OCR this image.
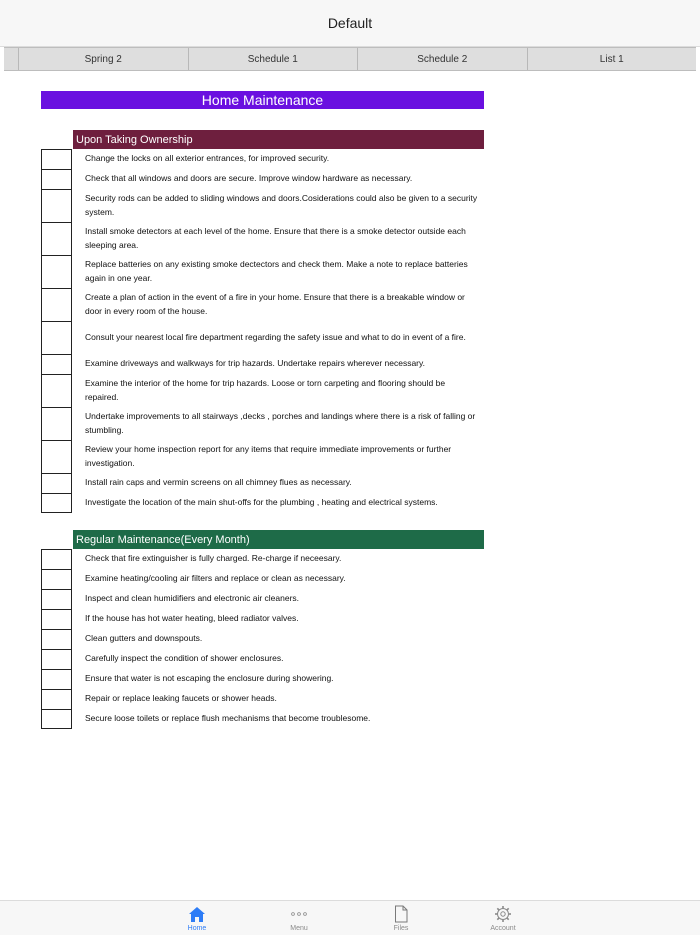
Default
Spring 2	Schedule 1	Schedule 2	List 1
Home Maintenance
Upon Taking Ownership
Change the locks on all exterior entrances, for improved security.
Check that all windows and doors are secure. Improve window hardware as necessary.
Security rods can be added to sliding windows and doors.Cosiderations could also be given to a security system.
Install smoke detectors at each level of the home. Ensure that there is a smoke detector outside each sleeping area.
Replace batteries on any existing smoke dectectors and check them. Make a note to replace batteries again in one year.
Create a plan of action in the event of a fire in your home. Ensure that there is a breakable window or door in every room of the house.
Consult your nearest local fire department regarding the safety issue and what to do in event of a fire.
Examine driveways and walkways for trip hazards. Undertake repairs wherever necessary.
Examine the interior of the home for trip hazards. Loose or torn carpeting and flooring should be repaired.
Undertake improvements to all stairways ,decks , porches and landings where there is a risk of falling or stumbling.
Review your home inspection report for any items that require immediate improvements or further investigation.
Install rain caps and vermin screens on all chimney flues as necessary.
Investigate the location of the main shut-offs for the plumbing , heating and electrical systems.
Regular Maintenance(Every Month)
Check that fire extinguisher is fully charged. Re-charge if neceesary.
Examine heating/cooling air filters and replace or clean as necessary.
Inspect and clean humidifiers and electronic air cleaners.
If the house has hot water heating, bleed radiator valves.
Clean gutters and downspouts.
Carefully inspect the condition of shower enclosures.
Ensure that water is not escaping the enclosure during showering.
Repair or replace leaking faucets or shower heads.
Secure loose toilets or replace flush mechanisms that become troublesome.
Home	Menu	Files	Account
